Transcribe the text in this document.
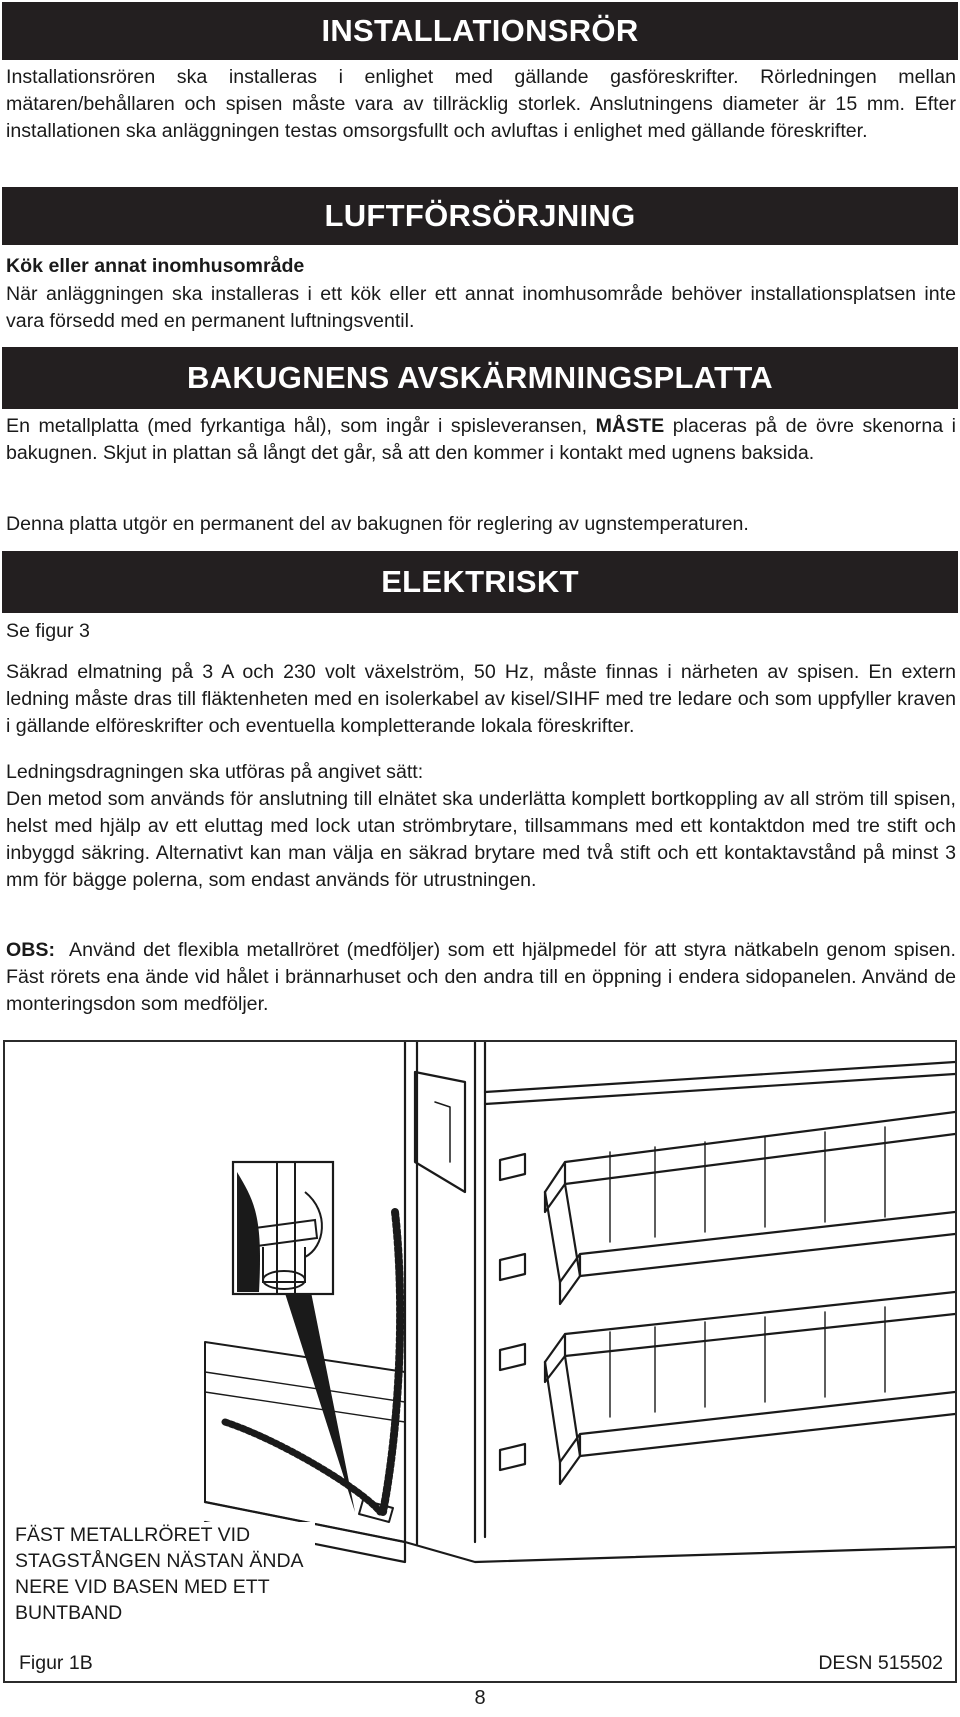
INSTALLATIONSRÖR

Installationsrören ska installeras i enlighet med gällande gasföreskrifter. Rörledningen mellan mätaren/behållaren och spisen måste vara av tillräcklig storlek. Anslutningens diameter är 15 mm. Efter installationen ska anläggningen testas omsorgsfullt och avluftas i enlighet med gällande föreskrifter.

LUFTFÖRSÖRJNING

Kök eller annat inomhusområde

När anläggningen ska installeras i ett kök eller ett annat inomhusområde behöver installationsplatsen inte vara försedd med en permanent luftningsventil.

BAKUGNENS AVSKÄRMNINGSPLATTA

En metallplatta (med fyrkantiga hål), som ingår i spisleveransen, MÅSTE placeras på de övre skenorna i bakugnen. Skjut in plattan så långt det går, så att den kommer i kontakt med ugnens baksida.

Denna platta utgör en permanent del av bakugnen för reglering av ugnstemperaturen.

ELEKTRISKT

Se figur 3

Säkrad elmatning på 3 A och 230 volt växelström, 50 Hz, måste finnas i närheten av spisen. En extern ledning måste dras till fläktenheten med en isolerkabel av kisel/SIHF med tre ledare och som uppfyller kraven i gällande elföreskrifter och eventuella kompletterande lokala föreskrifter.

Ledningsdragningen ska utföras på angivet sätt:

Den metod som används för anslutning till elnätet ska underlätta komplett bortkoppling av all ström till spisen, helst med hjälp av ett eluttag med lock utan strömbrytare, tillsammans med ett kontaktdon med tre stift och inbyggd säkring. Alternativt kan man välja en säkrad brytare med två stift och ett kontaktavstånd på minst 3 mm för bägge polerna, som endast används för utrustningen.

OBS: Använd det flexibla metallröret (medföljer) som ett hjälpmedel för att styra nätkabeln genom spisen. Fäst rörets ena ände vid hålet i brännarhuset och den andra till en öppning i endera sidopanelen. Använd de monteringsdon som medföljer.

FÄST METALLRÖRET VID STAGSTÅNGEN NÄSTAN ÄNDA NERE VID BASEN MED ETT BUNTBAND

Figur 1B	DESN 515502
8
